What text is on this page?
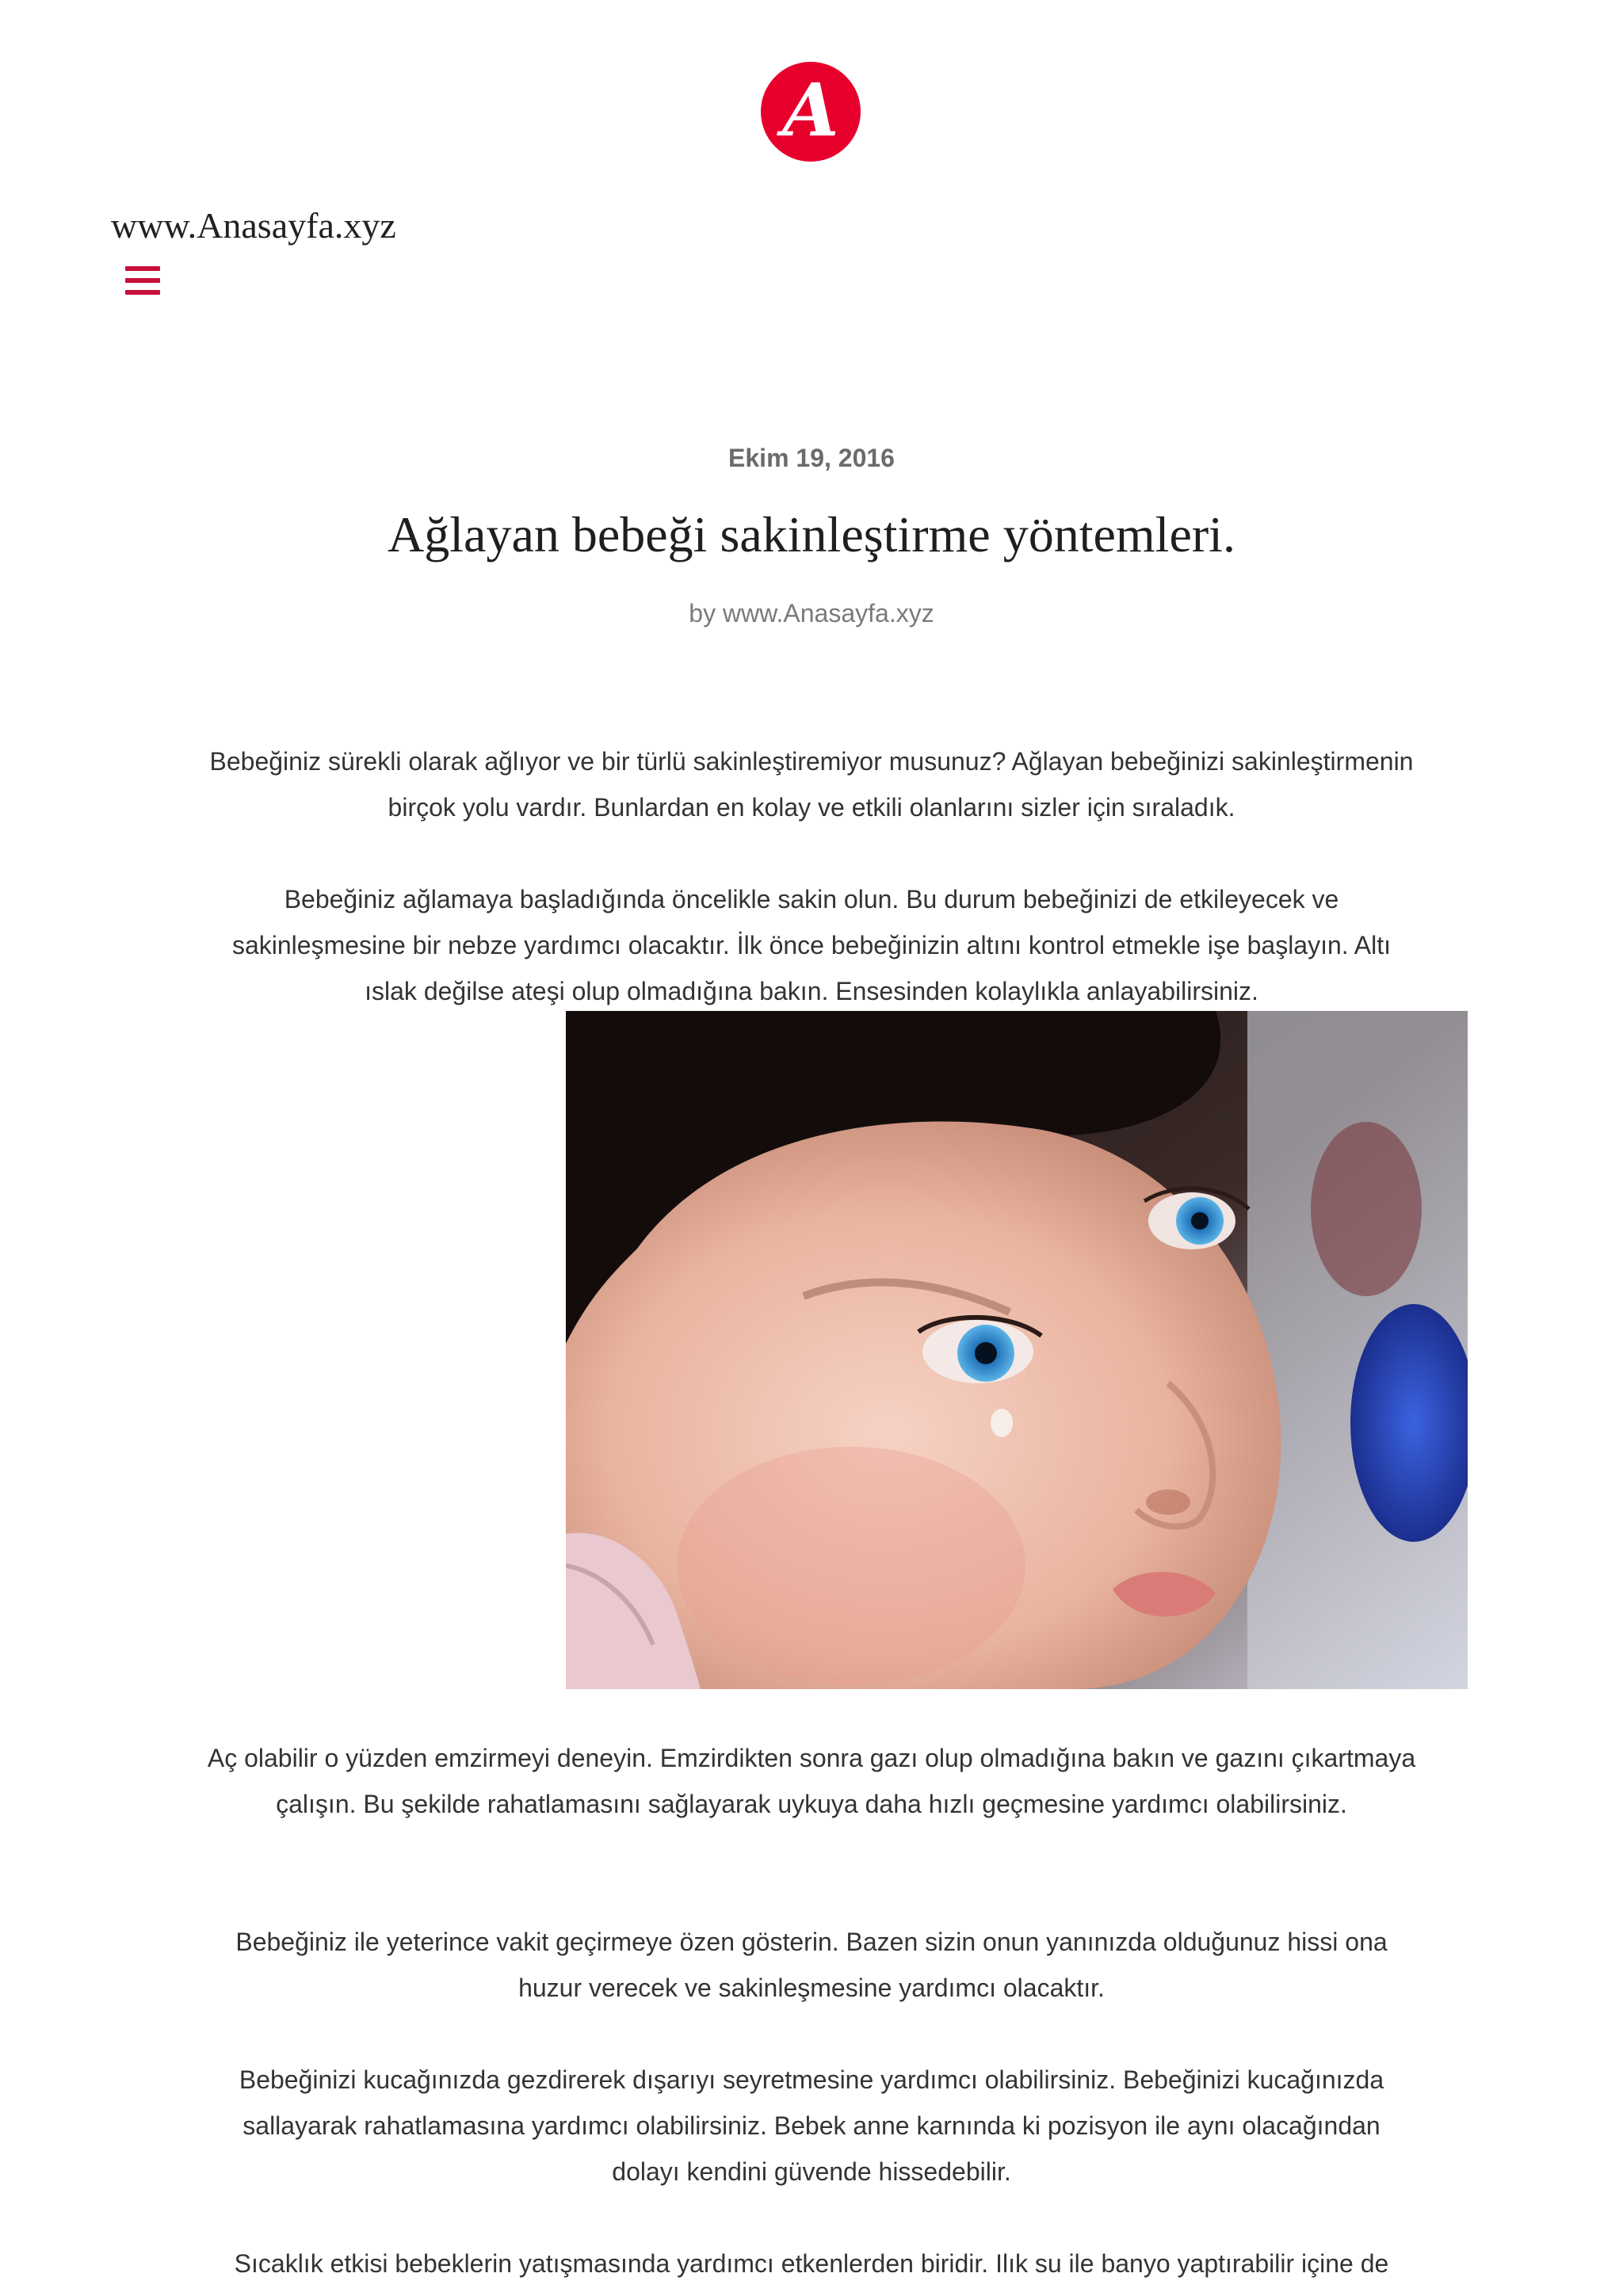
A
www.Anasayfa.xyz
Ekim 19, 2016
Ağlayan bebeği sakinleştirme yöntemleri.
by www.Anasayfa.xyz

Bebeğiniz sürekli olarak ağlıyor ve bir türlü sakinleştiremiyor musunuz? Ağlayan bebeğinizi sakinleştirmenin birçok yolu vardır. Bunlardan en kolay ve etkili olanlarını sizler için sıraladık.

Bebeğiniz ağlamaya başladığında öncelikle sakin olun. Bu durum bebeğinizi de etkileyecek ve sakinleşmesine bir nebze yardımcı olacaktır. İlk önce bebeğinizin altını kontrol etmekle işe başlayın. Altı ıslak değilse ateşi olup olmadığına bakın. Ensesinden kolaylıkla anlayabilirsiniz.

Aç olabilir o yüzden emzirmeyi deneyin. Emzirdikten sonra gazı olup olmadığına bakın ve gazını çıkartmaya çalışın. Bu şekilde rahatlamasını sağlayarak uykuya daha hızlı geçmesine yardımcı olabilirsiniz.

Bebeğiniz ile yeterince vakit geçirmeye özen gösterin. Bazen sizin onun yanınızda olduğunuz hissi ona huzur verecek ve sakinleşmesine yardımcı olacaktır.

Bebeğinizi kucağınızda gezdirerek dışarıyı seyretmesine yardımcı olabilirsiniz. Bebeğinizi kucağınızda sallayarak rahatlamasına yardımcı olabilirsiniz. Bebek anne karnında ki pozisyon ile aynı olacağından dolayı kendini güvende hissedebilir.

Sıcaklık etkisi bebeklerin yatışmasında yardımcı etkenlerden biridir. Ilık su ile banyo yaptırabilir içine de
